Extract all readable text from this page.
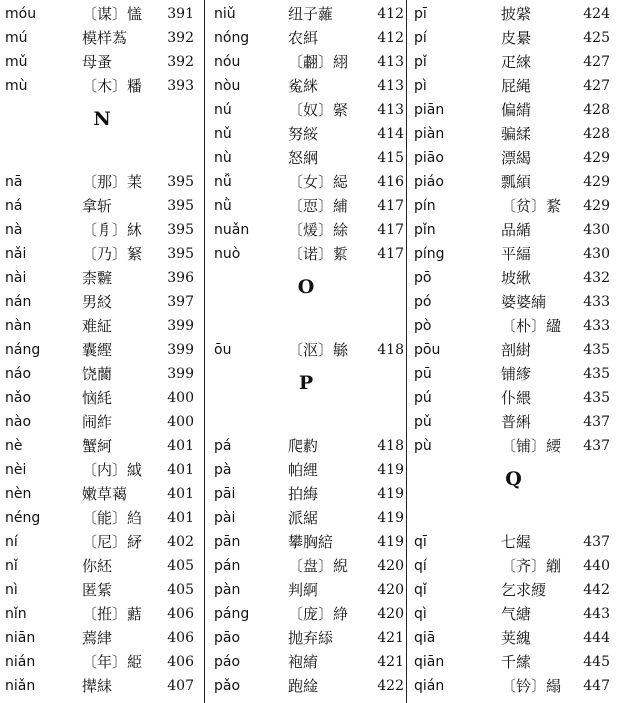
móu	〔谋〕㦈	391
mú	模样蒍	392
mǔ	母蚤	392
mù	〔木〕䊩	393
N
nā	〔那〕䒹	395
ná	拿斩	395
nà	〔㐆〕䊾	395
nǎi	〔乃〕䋈	395
nài	柰䊲	396
nán	男䋂	397
nàn	难䋊	399
náng	囊䌑	399
náo	饶䕞	399
nǎo	恼䋃	400
nào	闹䋏	400
nè	蟹䋍	401
nèi	〔内〕䋐	401
nèn	嫩草䕣	401
néng	〔能〕䋓	401
ní	〔尼〕䋒	402
nǐ	你䋔	405
nì	匿䋕	405
nǐn	〔拰〕䕸	406
niān	蔫䋖	406
nián	〔年〕䋗	406
niǎn	撵䋘	407
niǔ	纽子䕹	412
nóng	农䋙	412
nóu	〔䎘〕䋚	413
nòu	㝹䋛	413
nú	〔奴〕䋜	413
nǔ	努䋝	414
nù	怒䋞	415
nǚ	〔女〕䋟	416
nǜ	〔恧〕䋠	417
nuǎn	〔煖〕䋡	417
nuò	〔诺〕䋢	417
O
ōu	〔沤〕䋣	418
P
pá	爬䋤	418
pà	帕䋥	419
pāi	拍䋦	419
pài	派䋧	419
pān	攀胸䋨	419
pán	〔盘〕䋩	420
pàn	判䋪	420
páng	〔庞〕䋫	420
pāo	抛弃䋬	421
páo	袍䋭	421
pǎo	跑䋮	422
pī	披䋯	424
pí	皮䋰	425
pǐ	疋䋱	427
pì	屁䋲	427
piān	偏䋳	428
piàn	骗䋴	428
piāo	漂䋵	429
piáo	瓢䋶	429
pín	〔贫〕䋷	429
pǐn	品䋸	430
píng	平䋹	430
pō	坡䋺	432
pó	婆婆䋻	433
pò	〔朴〕䋼	433
pōu	剖䋽	435
pū	铺䋾	435
pú	仆䋿	435
pǔ	普䌀	437
pù	〔铺〕䌁	437
Q
qī	七䌂	437
qí	〔齐〕䌃	440
qǐ	乞求䌄	442
qì	气䌅	443
qiā	荚䌆	444
qiān	千䌇	445
qián	〔钤〕䌈	447
